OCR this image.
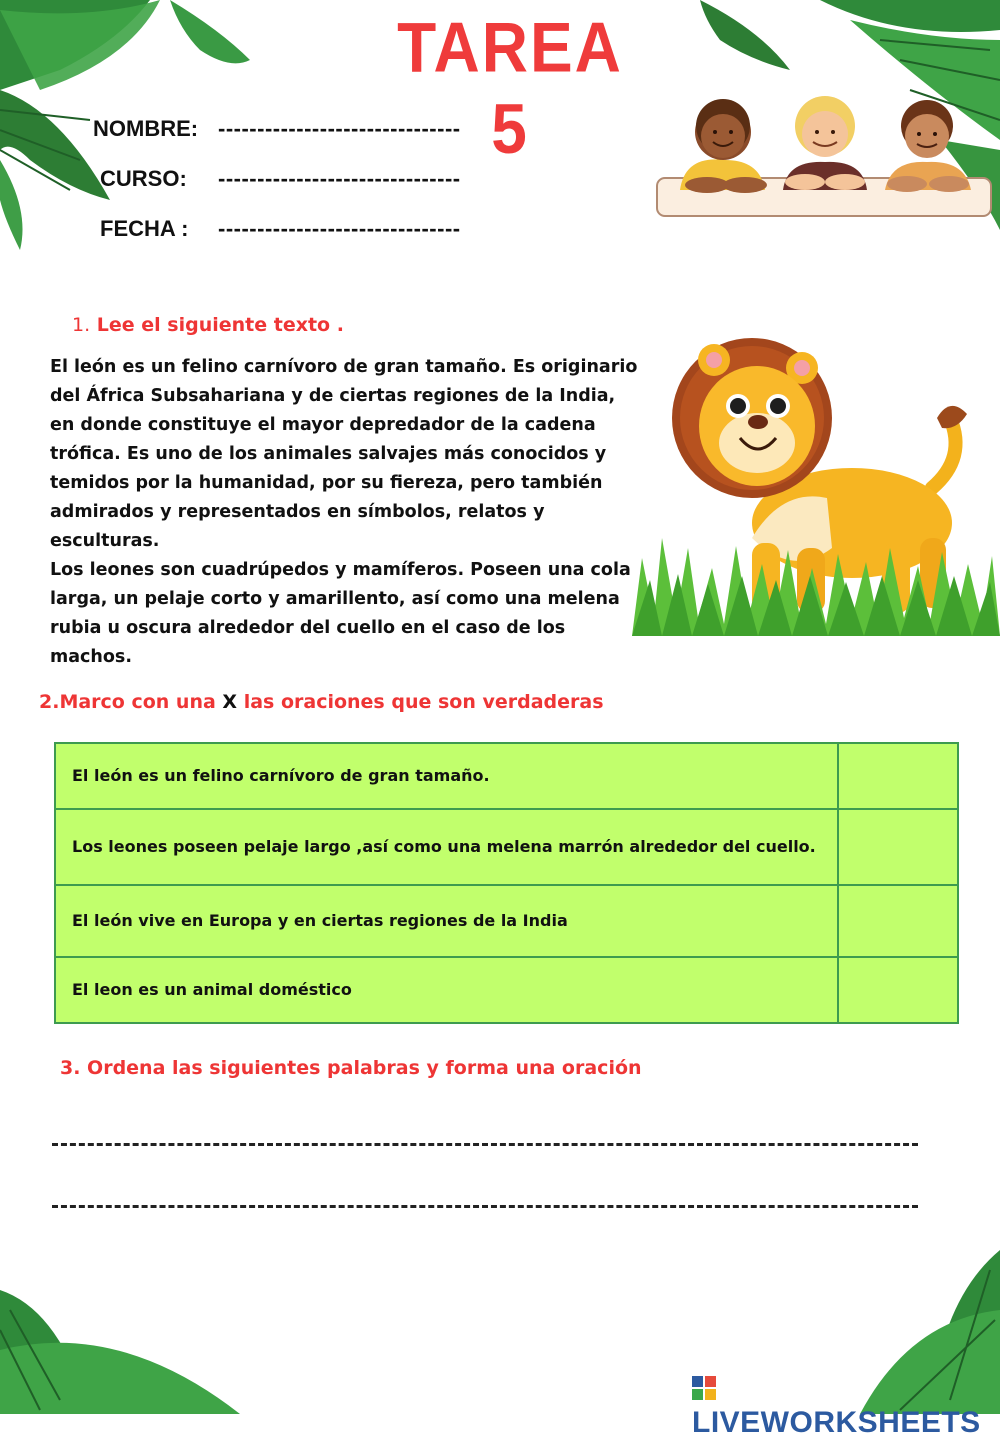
TAREA 5
NOMBRE: -------------------------------
CURSO: -------------------------------
FECHA : -------------------------------
1. Lee el siguiente texto .

El león es un felino carnívoro de gran tamaño. Es originario del África Subsahariana y de ciertas regiones de la India, en donde constituye el mayor depredador de la cadena trófica. Es uno de los animales salvajes más conocidos y temidos por la humanidad, por su fiereza, pero también admirados y representados en símbolos, relatos y esculturas.

Los leones son cuadrúpedos y mamíferos. Poseen una cola larga, un pelaje corto y amarillento, así como una melena rubia u oscura alrededor del cuello en el caso de los machos.

2.Marco con una X las oraciones que son verdaderas
El león es un felino carnívoro de gran tamaño.	
Los leones poseen pelaje largo ,así como una melena marrón alrededor del cuello.	
El león vive en Europa y en ciertas regiones de la India	
El leon es un animal doméstico	
3. Ordena las siguientes palabras y forma una oración
LIVEWORKSHEETS
